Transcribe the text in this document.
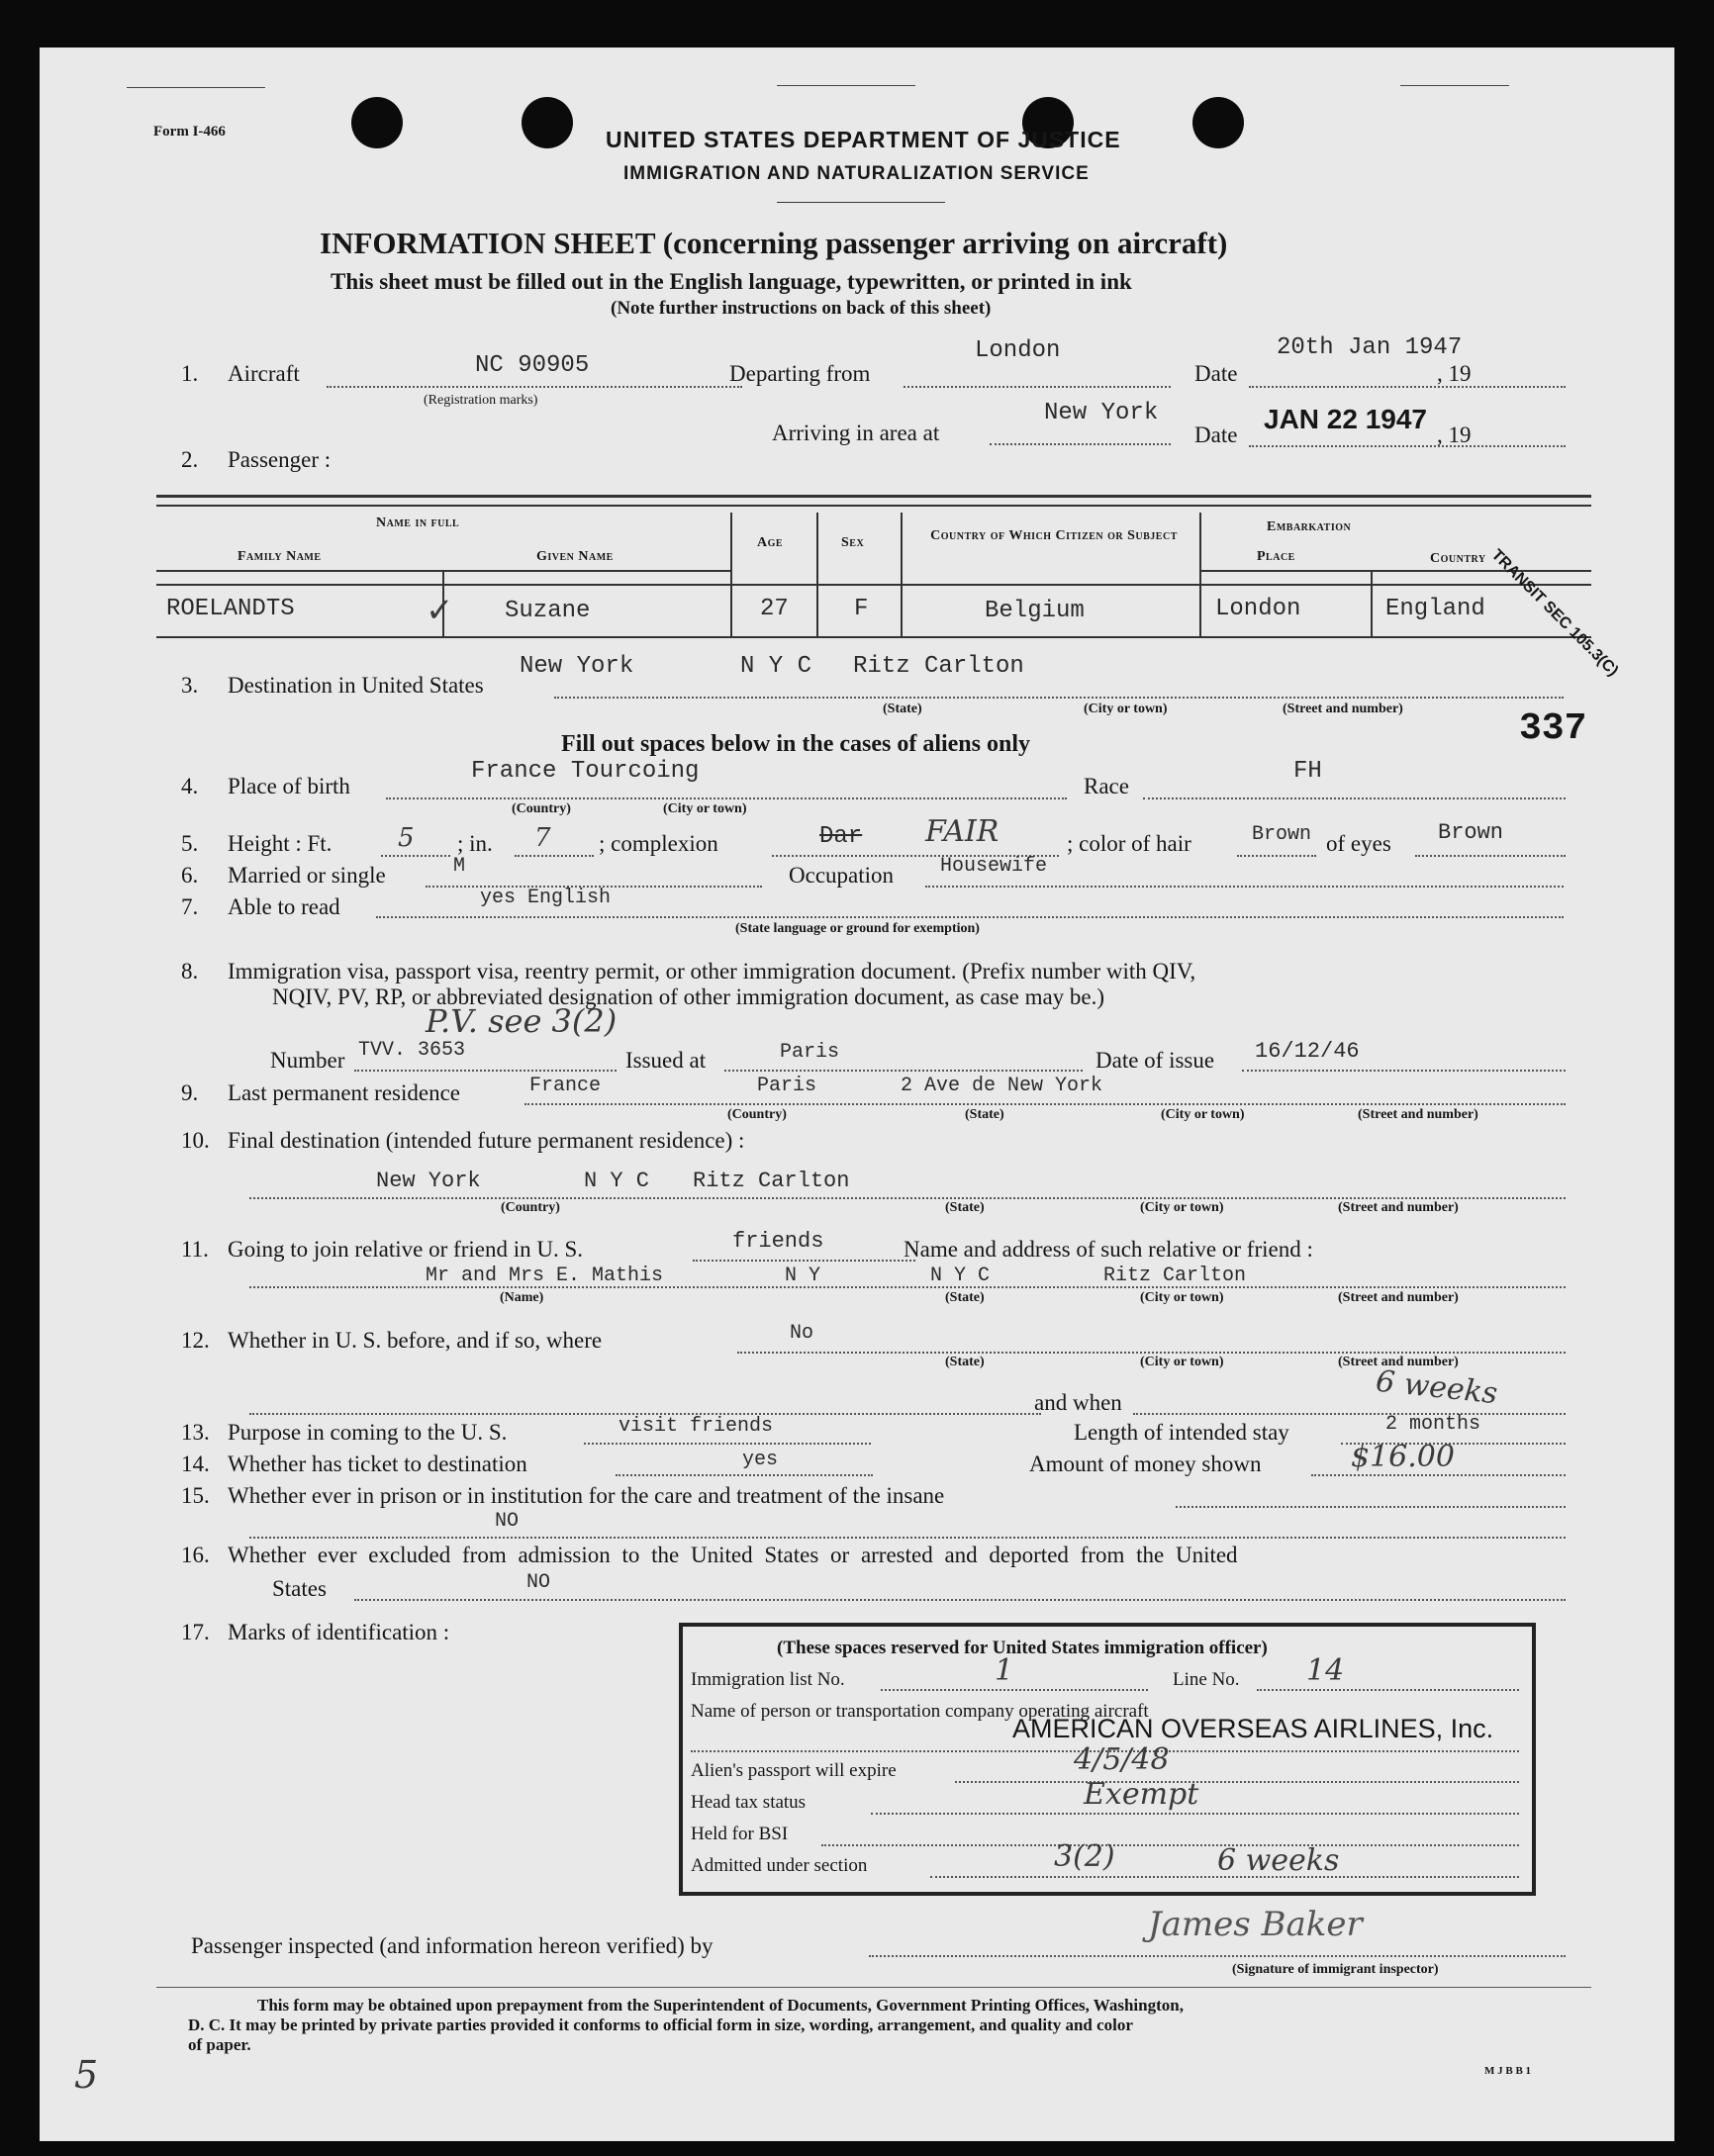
Form I-466	UNITED STATES DEPARTMENT OF JUSTICE
IMMIGRATION AND NATURALIZATION SERVICE
INFORMATION SHEET (concerning passenger arriving on aircraft)
This sheet must be filled out in the English language, typewritten, or printed in ink
(Note further instructions on back of this sheet)
1. Aircraft	NC 90905
(Registration marks)
Departing from
London
Date
20th Jan 1947
, 19
Arriving in area at
New York
Date
JAN 22 1947
, 19
2. Passenger :
Name in full
Family Name	Given Name
Age	Sex	Country of Which Citizen or Subject
Embarkation
Place	Country
ROELANDTS	✓ Suzane	27	F	Belgium	London	England TRANSIT SEC 105.3(C)
3. Destination in United States
New York	N Y C Ritz Carlton
(State)	(City or town)	(Street and number)	337
Fill out spaces below in the cases of aliens only
4. Place of birth
France Tourcoing
Race
FH
(Country)	(City or town)
5. Height : Ft.	5 ; in. 7 ; complexion	Dar FAIR	; color of hair	Brown of eyes Brown
6. Married or single	M	Occupation Housewife
7. Able to read	yes English
(State language or ground for exemption)
8. Immigration visa, passport visa, reentry permit, or other immigration document. (Prefix number with QIV,
NQIV, PV, RP, or abbreviated designation of other immigration document, as case may be.)
P.V. see 3(2)
Number TVV. 3653	Issued at	Paris	Date of issue 16/12/46
9. Last permanent residence	France	Paris	2 Ave de New York
(Country)	(State)	(City or town)	(Street and number)
10. Final destination (intended future permanent residence) :
New York	N Y C Ritz Carlton
(Country)	(State)	(City or town)	(Street and number)
11. Going to join relative or friend in U. S.	friends	Name and address of such relative or friend :
Mr and Mrs E. Mathis	N Y	N Y C	Ritz Carlton
(Name)	(State)	(City or town)	(Street and number)
12. Whether in U. S. before, and if so, where	No
(State)	(City or town)	(Street and number)
and when	6 weeks
13. Purpose in coming to the U. S.	visit friends	Length of intended stay	2 months
14. Whether has ticket to destination	yes	Amount of money shown	$16.00
15. Whether ever in prison or in institution for the care and treatment of the insane
NO
16. Whether ever excluded from admission to the United States or arrested and deported from the United
States	NO
17. Marks of identification :
(These spaces reserved for United States immigration officer)
Immigration list No.	1	Line No. 14
Name of person or transportation company operating aircraft
AMERICAN OVERSEAS AIRLINES, Inc.
Alien's passport will expire	4/5/48
Head tax status	Exempt
Held for BSI
Admitted under section	3(2)	6 weeks
Passenger inspected (and information hereon verified) by
James Baker
(Signature of immigrant inspector)
This form may be obtained upon prepayment from the Superintendent of Documents, Government Printing Offices, Washington,
D. C. It may be printed by private parties provided it conforms to official form in size, wording, arrangement, and quality and color
of paper.
M J B B 1
5
